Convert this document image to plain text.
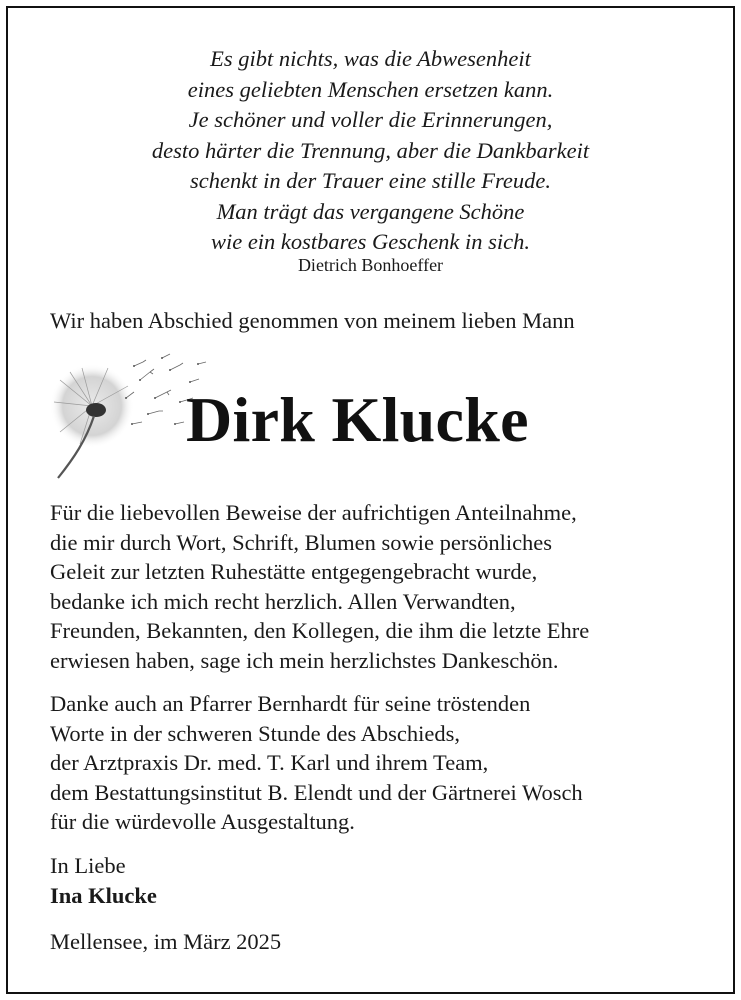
Es gibt nichts, was die Abwesenheit
eines geliebten Menschen ersetzen kann.
Je schöner und voller die Erinnerungen,
desto härter die Trennung, aber die Dankbarkeit
schenkt in der Trauer eine stille Freude.
Man trägt das vergangene Schöne
wie ein kostbares Geschenk in sich.
Dietrich Bonhoeffer
Wir haben Abschied genommen von meinem lieben Mann
Dirk Klucke
Für die liebevollen Beweise der aufrichtigen Anteilnahme,
die mir durch Wort, Schrift, Blumen sowie persönliches
Geleit zur letzten Ruhestätte entgegengebracht wurde,
bedanke ich mich recht herzlich. Allen Verwandten,
Freunden, Bekannten, den Kollegen, die ihm die letzte Ehre
erwiesen haben, sage ich mein herzlichstes Dankeschön.
Danke auch an Pfarrer Bernhardt für seine tröstenden
Worte in der schweren Stunde des Abschieds,
der Arztpraxis Dr. med. T. Karl und ihrem Team,
dem Bestattungsinstitut B. Elendt und der Gärtnerei Wosch
für die würdevolle Ausgestaltung.
In Liebe
Ina Klucke
Mellensee, im März 2025
